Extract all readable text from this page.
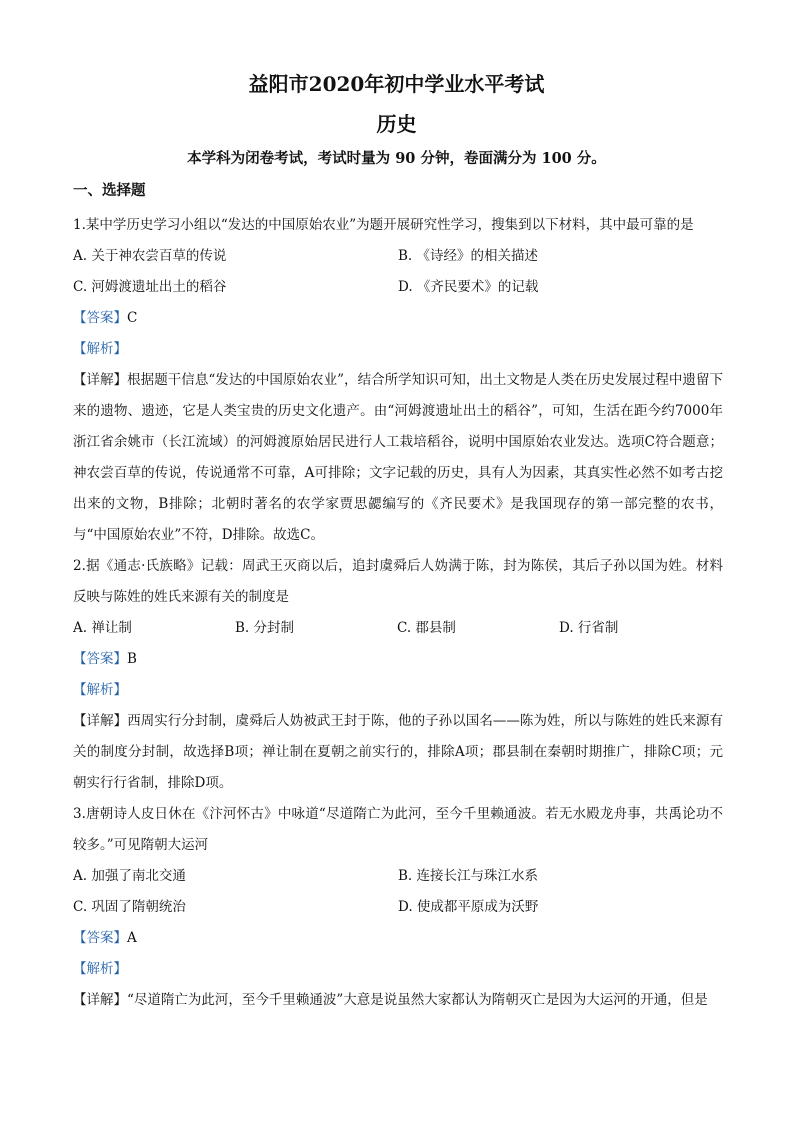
益阳市2020年初中学业水平考试
历史
本学科为闭卷考试，考试时量为 90 分钟，卷面满分为 100 分。
一、选择题
1.某中学历史学习小组以“发达的中国原始农业”为题开展研究性学习，搜集到以下材料，其中最可靠的是
A. 关于神农尝百草的传说	B. 《诗经》的相关描述
C. 河姆渡遗址出土的稻谷	D. 《齐民要术》的记载
【答案】C
【解析】
【详解】根据题干信息“发达的中国原始农业”，结合所学知识可知，出土文物是人类在历史发展过程中遗留下来的遗物、遗迹，它是人类宝贵的历史文化遗产。由“河姆渡遗址出土的稻谷”，可知，生活在距今约7000年浙江省余姚市（长江流域）的河姆渡原始居民进行人工栽培稻谷，说明中国原始农业发达。选项C符合题意；神农尝百草的传说，传说通常不可靠，A可排除；文字记载的历史，具有人为因素，其真实性必然不如考古挖出来的文物，B排除；北朝时著名的农学家贾思勰编写的《齐民要术》是我国现存的第一部完整的农书，与“中国原始农业”不符，D排除。故选C。
2.据《通志·氏族略》记载：周武王灭商以后，追封虞舜后人妫满于陈，封为陈侯，其后子孙以国为姓。材料反映与陈姓的姓氏来源有关的制度是
A. 禅让制	B. 分封制	C. 郡县制	D. 行省制
【答案】B
【解析】
【详解】西周实行分封制，虞舜后人妫被武王封于陈，他的子孙以国名——陈为姓，所以与陈姓的姓氏来源有关的制度分封制，故选择B项；禅让制在夏朝之前实行的，排除A项；郡县制在秦朝时期推广，排除C项；元朝实行行省制，排除D项。
3.唐朝诗人皮日休在《汴河怀古》中咏道“尽道隋亡为此河，至今千里赖通波。若无水殿龙舟事，共禹论功不较多。”可见隋朝大运河
A. 加强了南北交通	B. 连接长江与珠江水系
C. 巩固了隋朝统治	D. 使成都平原成为沃野
【答案】A
【解析】
【详解】“尽道隋亡为此河，至今千里赖通波”大意是说虽然大家都认为隋朝灭亡是因为大运河的开通，但是
